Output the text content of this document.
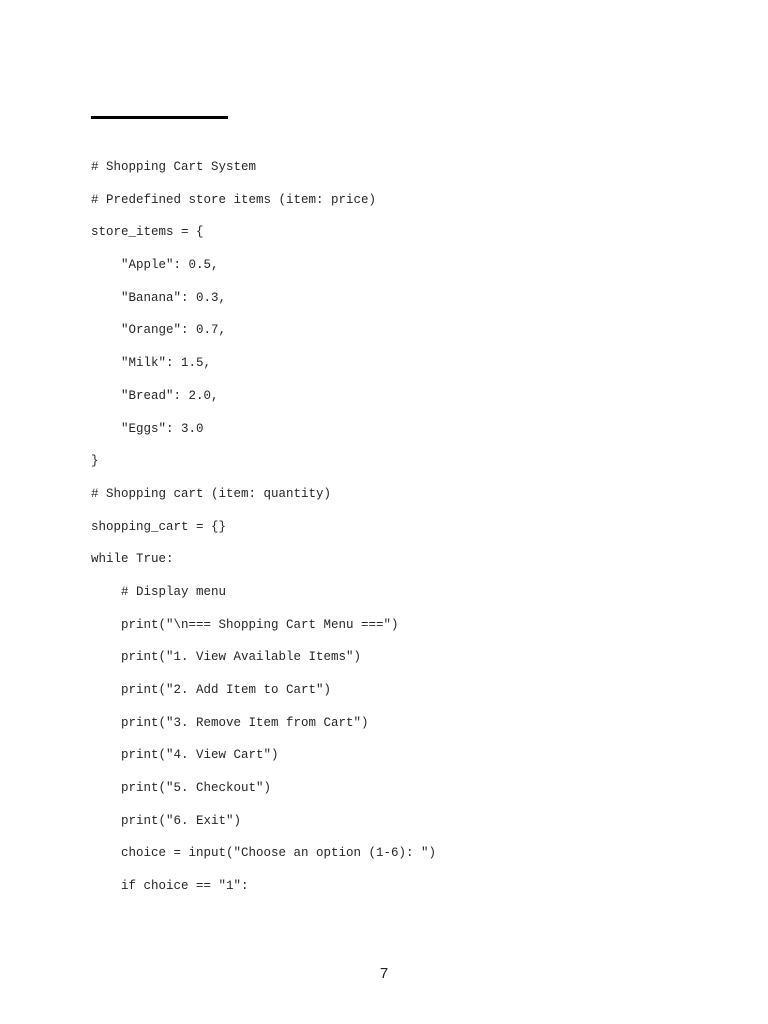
# Shopping Cart System
# Predefined store items (item: price)
store_items = {
"Apple": 0.5,
"Banana": 0.3,
"Orange": 0.7,
"Milk": 1.5,
"Bread": 2.0,
"Eggs": 3.0
}
# Shopping cart (item: quantity)
shopping_cart = {}
while True:
# Display menu
print("\n=== Shopping Cart Menu ===")
print("1. View Available Items")
print("2. Add Item to Cart")
print("3. Remove Item from Cart")
print("4. View Cart")
print("5. Checkout")
print("6. Exit")
choice = input("Choose an option (1-6): ")
if choice == "1":
7
